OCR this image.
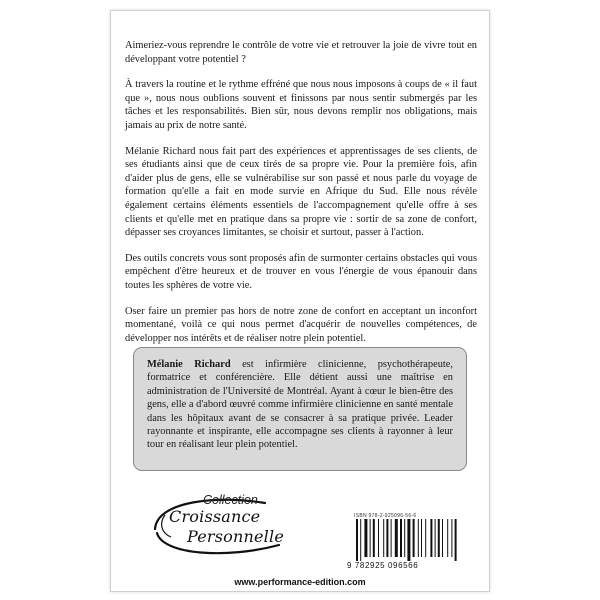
Aimeriez-vous reprendre le contrôle de votre vie et retrouver la joie de vivre tout en développant votre potentiel ?

À travers la routine et le rythme effréné que nous nous imposons à coups de « il faut que », nous nous oublions souvent et finissons par nous sentir submergés par les tâches et les responsabilités. Bien sûr, nous devons remplir nos obligations, mais jamais au prix de notre santé.

Mélanie Richard nous fait part des expériences et apprentissages de ses clients, de ses étudiants ainsi que de ceux tirés de sa propre vie. Pour la première fois, afin d'aider plus de gens, elle se vulnérabilise sur son passé et nous parle du voyage de formation qu'elle a fait en mode survie en Afrique du Sud. Elle nous révèle également certains éléments essentiels de l'accompagnement qu'elle offre à ses clients et qu'elle met en pratique dans sa propre vie : sortir de sa zone de confort, dépasser ses croyances limitantes, se choisir et surtout, passer à l'action.

Des outils concrets vous sont proposés afin de surmonter certains obstacles qui vous empêchent d'être heureux et de trouver en vous l'énergie de vous épanouir dans toutes les sphères de votre vie.

Oser faire un premier pas hors de notre zone de confort en acceptant un inconfort momentané, voilà ce qui nous permet d'acquérir de nouvelles compétences, de développer nos intérêts et de réaliser notre plein potentiel.

Mélanie Richard est infirmière clinicienne, psychothérapeute, formatrice et conférencière. Elle détient aussi une maîtrise en administration de l'Université de Montréal. Ayant à cœur le bien-être des gens, elle a d'abord œuvré comme infirmière clinicienne en santé mentale dans les hôpitaux avant de se consacrer à sa pratique privée. Leader rayonnante et inspirante, elle accompagne ses clients à rayonner à leur tour en réalisant leur plein potentiel.
Collection
Croissance
Personnelle
ISBN 978-2-925096-56-6
9 782925 096566
www.performance-edition.com
